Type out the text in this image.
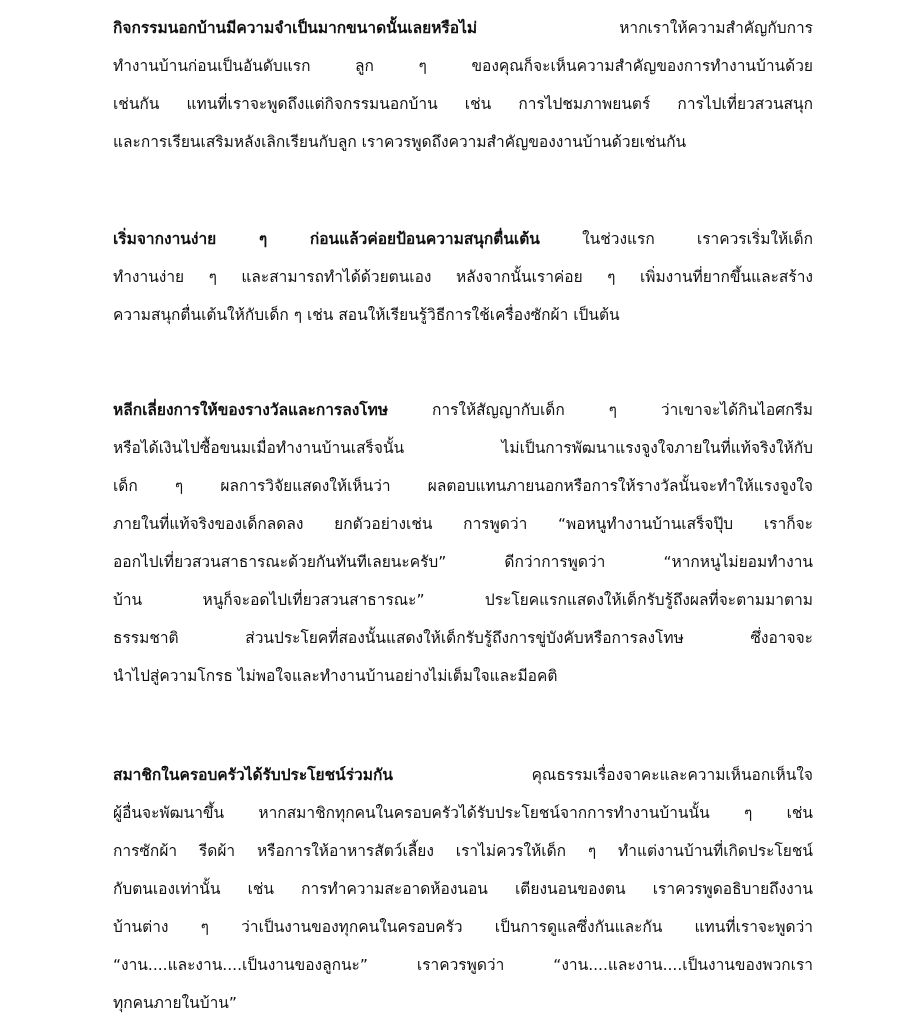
กิจกรรมนอกบ้านมีความจำเป็นมากขนาดนั้นเลยหรือไม่ หากเราให้ความสำคัญกับการ
ทำงานบ้านก่อนเป็นอันดับแรก ลูก ๆ ของคุณก็จะเห็นความสำคัญของการทำงานบ้านด้วย
เช่นกัน แทนที่เราจะพูดถึงแต่กิจกรรมนอกบ้าน เช่น การไปชมภาพยนตร์ การไปเที่ยวสวนสนุก
และการเรียนเสริมหลังเลิกเรียนกับลูก เราควรพูดถึงความสำคัญของงานบ้านด้วยเช่นกัน
เริ่มจากงานง่าย ๆ ก่อนแล้วค่อยป้อนความสนุกตื่นเต้น ในช่วงแรก เราควรเริ่มให้เด็ก
ทำงานง่าย ๆ และสามารถทำได้ด้วยตนเอง หลังจากนั้นเราค่อย ๆ เพิ่มงานที่ยากขึ้นและสร้าง
ความสนุกตื่นเต้นให้กับเด็ก ๆ เช่น สอนให้เรียนรู้วิธีการใช้เครื่องซักผ้า เป็นต้น
หลีกเลี่ยงการให้ของรางวัลและการลงโทษ การให้สัญญากับเด็ก ๆ ว่าเขาจะได้กินไอศกรีม
หรือได้เงินไปซื้อขนมเมื่อทำงานบ้านเสร็จนั้น ไม่เป็นการพัฒนาแรงจูงใจภายในที่แท้จริงให้กับ
เด็ก ๆ ผลการวิจัยแสดงให้เห็นว่า ผลตอบแทนภายนอกหรือการให้รางวัลนั้นจะทำให้แรงจูงใจ
ภายในที่แท้จริงของเด็กลดลง ยกตัวอย่างเช่น การพูดว่า “พอหนูทำงานบ้านเสร็จปุ๊บ เราก็จะ
ออกไปเที่ยวสวนสาธารณะด้วยกันทันทีเลยนะครับ” ดีกว่าการพูดว่า “หากหนูไม่ยอมทำงาน
บ้าน หนูก็จะอดไปเที่ยวสวนสาธารณะ” ประโยคแรกแสดงให้เด็กรับรู้ถึงผลที่จะตามมาตาม
ธรรมชาติ ส่วนประโยคที่สองนั้นแสดงให้เด็กรับรู้ถึงการขู่บังคับหรือการลงโทษ ซึ่งอาจจะ
นำไปสู่ความโกรธ ไม่พอใจและทำงานบ้านอย่างไม่เต็มใจและมีอคติ
สมาชิกในครอบครัวได้รับประโยชน์ร่วมกัน คุณธรรมเรื่องจาคะและความเห็นอกเห็นใจ
ผู้อื่นจะพัฒนาขึ้น หากสมาชิกทุกคนในครอบครัวได้รับประโยชน์จากการทำงานบ้านนั้น ๆ เช่น
การซักผ้า รีดผ้า หรือการให้อาหารสัตว์เลี้ยง เราไม่ควรให้เด็ก ๆ ทำแต่งานบ้านที่เกิดประโยชน์
กับตนเองเท่านั้น เช่น การทำความสะอาดห้องนอน เตียงนอนของตน เราควรพูดอธิบายถึงงาน
บ้านต่าง ๆ ว่าเป็นงานของทุกคนในครอบครัว เป็นการดูแลซึ่งกันและกัน แทนที่เราจะพูดว่า
“งาน....และงาน....เป็นงานของลูกนะ” เราควรพูดว่า “งาน....และงาน....เป็นงานของพวกเรา
ทุกคนภายในบ้าน”
